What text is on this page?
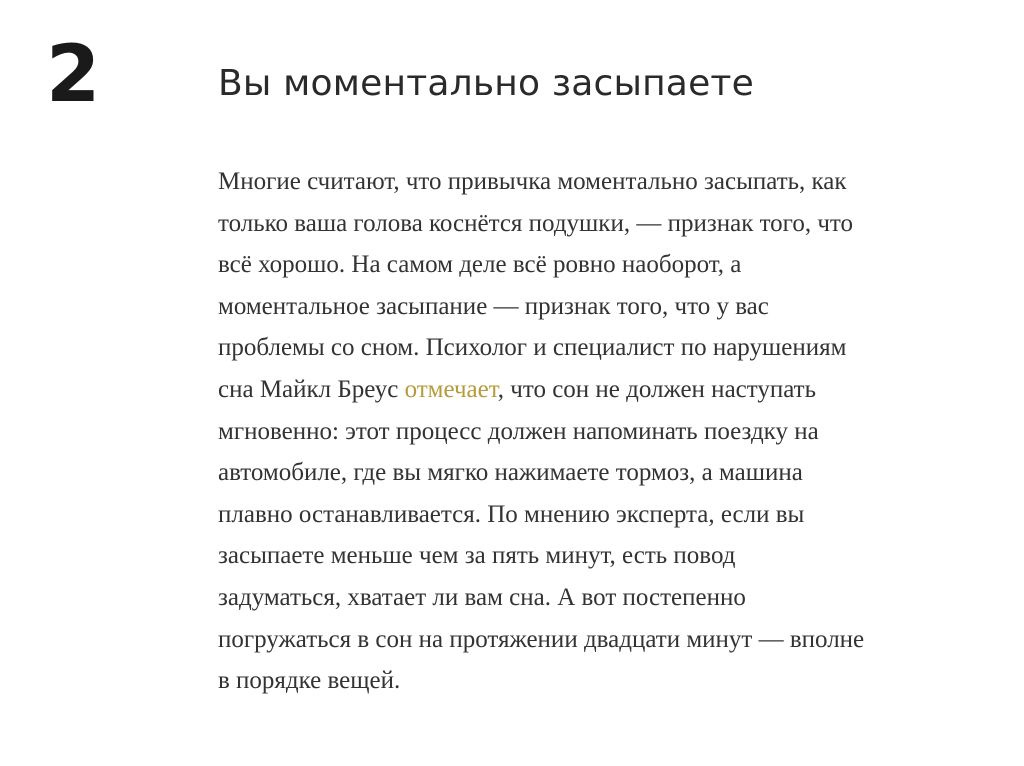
2	Вы моментально засыпаете
Многие считают, что привычка моментально засыпать, как
только ваша голова коснётся подушки, — признак того, что
всё хорошо. На самом деле всё ровно наоборот, а
моментальное засыпание — признак того, что у вас
проблемы со сном. Психолог и специалист по нарушениям
сна Майкл Бреус отмечает, что сон не должен наступать
мгновенно: этот процесс должен напоминать поездку на
автомобиле, где вы мягко нажимаете тормоз, а машина
плавно останавливается. По мнению эксперта, если вы
засыпаете меньше чем за пять минут, есть повод
задуматься, хватает ли вам сна. А вот постепенно
погружаться в сон на протяжении двадцати минут — вполне
в порядке вещей.
